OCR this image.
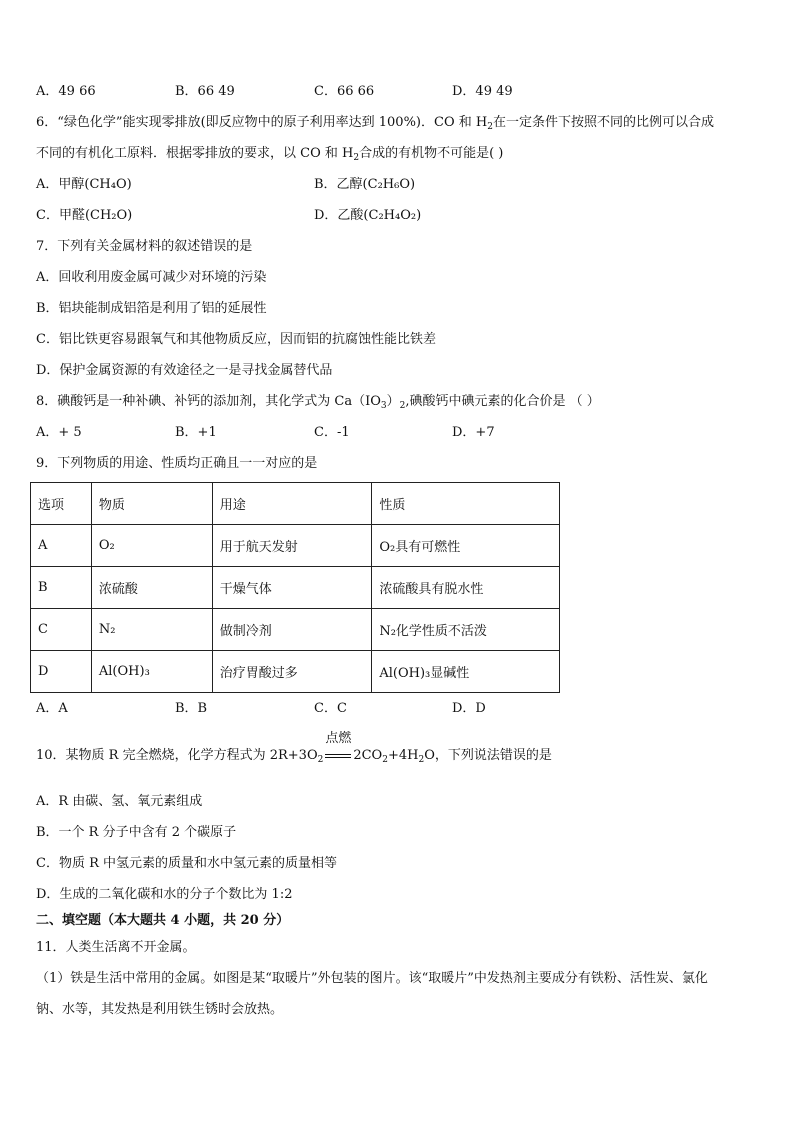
A．49 66	B．66 49	C．66 66	D．49 49
6．“绿色化学”能实现零排放(即反应物中的原子利用率达到 100%)．CO 和 $H_2$在一定条件下按照不同的比例可以合成
不同的有机化工原料．根据零排放的要求，以 CO 和 $H_2$合成的有机物不可能是( )
A．甲醇(CH₄O)	B．乙醇(C₂H₆O)
C．甲醛(CH₂O)	D．乙酸(C₂H₄O₂)
7．下列有关金属材料的叙述错误的是
A．回收利用废金属可减少对环境的污染
B．铝块能制成铝箔是利用了铝的延展性
C．铝比铁更容易跟氧气和其他物质反应，因而铝的抗腐蚀性能比铁差
D．保护金属资源的有效途径之一是寻找金属替代品
8．碘酸钙是一种补碘、补钙的添加剂，其化学式为 $Ca(IO_3)_2$,碘酸钙中碘元素的化合价是 （ ）
A．+ 5	B．+1	C．-1	D．+7
9．下列物质的用途、性质均正确且一一对应的是
选项	物质	用途	性质
A	O₂	用于航天发射	O₂具有可燃性
B	浓硫酸	干燥气体	浓硫酸具有脱水性
C	N₂	做制冷剂	N₂化学性质不活泼
D	Al(OH)₃	治疗胃酸过多	Al(OH)₃显碱性
A．A	B．B	C．C	D．D
10．某物质 R 完全燃烧，化学方程式为 $2R+3O_2$
点燃
$2CO_2+4H_2O$，下列说法错误的是
A．R 由碳、氢、氧元素组成
B．一个 R 分子中含有 2 个碳原子
C．物质 R 中氢元素的质量和水中氢元素的质量相等
D．生成的二氧化碳和水的分子个数比为 1:2
二、填空题（本大题共 4 小题，共 20 分）
11．人类生活离不开金属。
（1）铁是生活中常用的金属。如图是某“取暖片”外包装的图片。该“取暖片”中发热剂主要成分有铁粉、活性炭、氯化
钠、水等，其发热是利用铁生锈时会放热。
